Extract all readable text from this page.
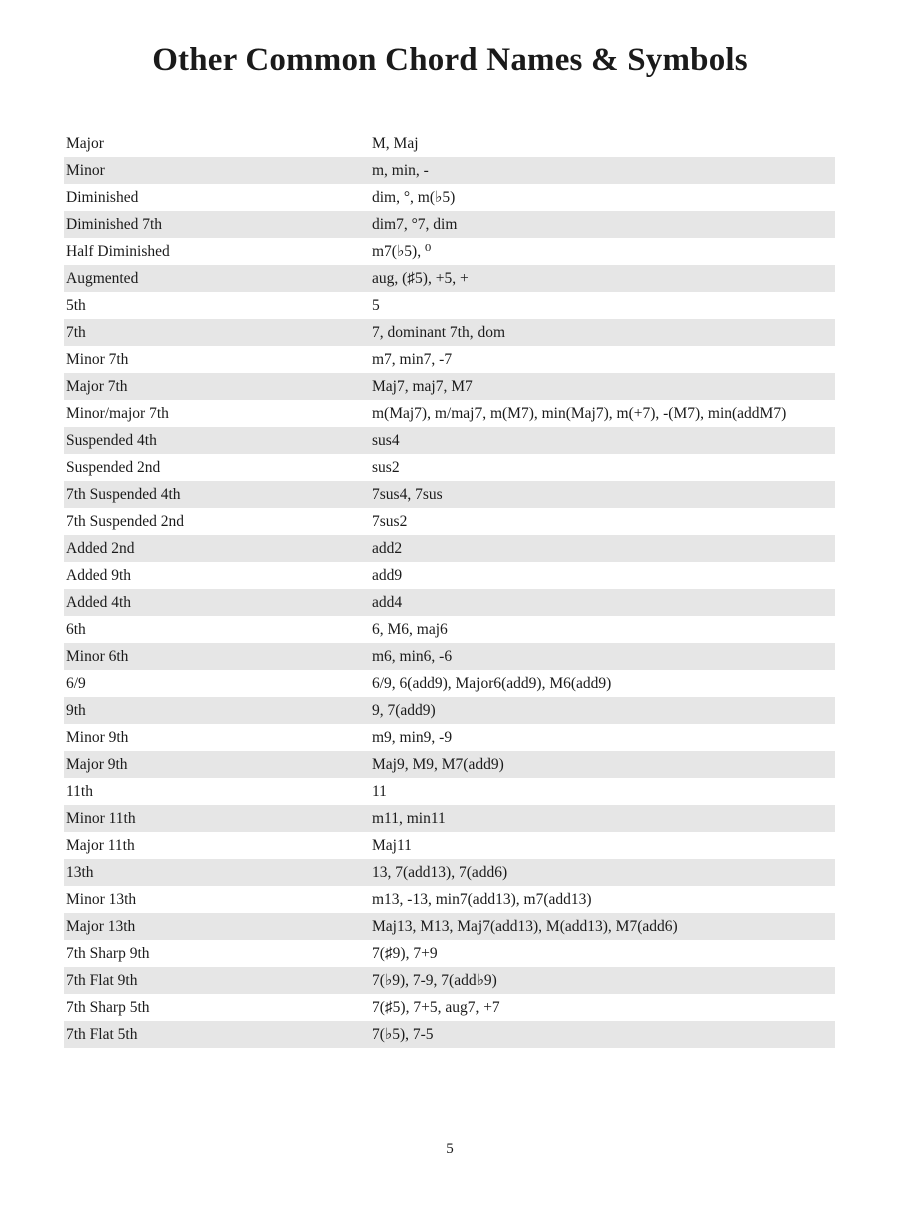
Other Common Chord Names & Symbols
Major	M, Maj
Minor	m, min, -
Diminished	dim, °, m(♭5)
Diminished 7th	dim7, °7, dim
Half Diminished	m7(♭5), ⁰
Augmented	aug, (♯5), +5, +
5th	5
7th	7, dominant 7th, dom
Minor 7th	m7, min7, -7
Major 7th	Maj7, maj7, M7
Minor/major 7th	m(Maj7), m/maj7, m(M7), min(Maj7), m(+7), -(M7), min(addM7)
Suspended 4th	sus4
Suspended 2nd	sus2
7th Suspended 4th	7sus4, 7sus
7th Suspended 2nd	7sus2
Added 2nd	add2
Added 9th	add9
Added 4th	add4
6th	6, M6, maj6
Minor 6th	m6, min6, -6
6/9	6/9, 6(add9), Major6(add9), M6(add9)
9th	9, 7(add9)
Minor 9th	m9, min9, -9
Major 9th	Maj9, M9, M7(add9)
11th	11
Minor 11th	m11, min11
Major 11th	Maj11
13th	13, 7(add13), 7(add6)
Minor 13th	m13, -13, min7(add13), m7(add13)
Major 13th	Maj13, M13, Maj7(add13), M(add13), M7(add6)
7th Sharp 9th	7(♯9), 7+9
7th Flat 9th	7(♭9), 7-9, 7(add♭9)
7th Sharp 5th	7(♯5), 7+5, aug7, +7
7th Flat 5th	7(♭5), 7-5
5
